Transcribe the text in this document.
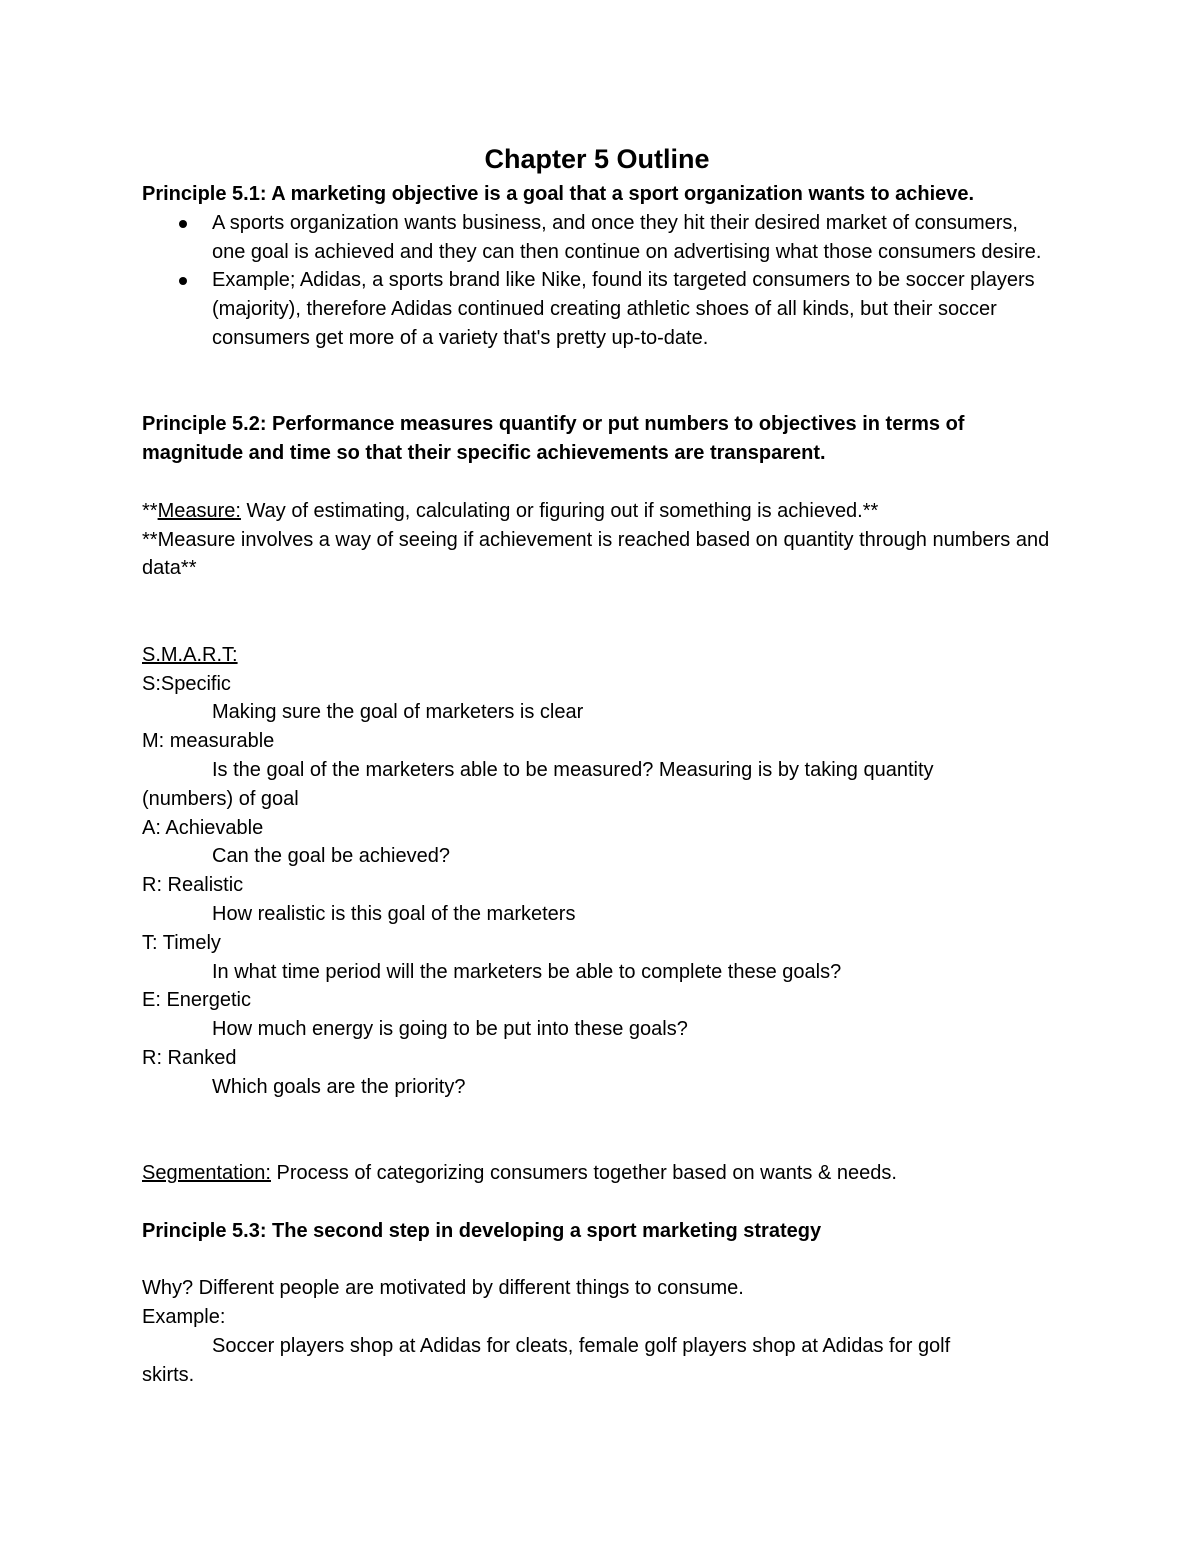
Chapter 5 Outline

Principle 5.1: A marketing objective is a goal that a sport organization wants to achieve.

A sports organization wants business, and once they hit their desired market of consumers, one goal is achieved and they can then continue on advertising what those consumers desire.
Example; Adidas, a sports brand like Nike, found its targeted consumers to be soccer players (majority), therefore Adidas continued creating athletic shoes of all kinds, but their soccer consumers get more of a variety that's pretty up-to-date.

Principle 5.2: Performance measures quantify or put numbers to objectives in terms of magnitude and time so that their specific achievements are transparent.

**Measure: Way of estimating, calculating or figuring out if something is achieved.**

**Measure involves a way of seeing if achievement is reached based on quantity through numbers and data**

S.M.A.R.T:

S:Specific

Making sure the goal of marketers is clear

M: measurable

Is the goal of the marketers able to be measured? Measuring is by taking quantity

(numbers) of goal

A: Achievable

Can the goal be achieved?

R: Realistic

How realistic is this goal of the marketers

T: Timely

In what time period will the marketers be able to complete these goals?

E: Energetic

How much energy is going to be put into these goals?

R: Ranked

Which goals are the priority?

Segmentation: Process of categorizing consumers together based on wants & needs.

Principle 5.3: The second step in developing a sport marketing strategy

Why? Different people are motivated by different things to consume.

Example:

Soccer players shop at Adidas for cleats, female golf players shop at Adidas for golf

skirts.
